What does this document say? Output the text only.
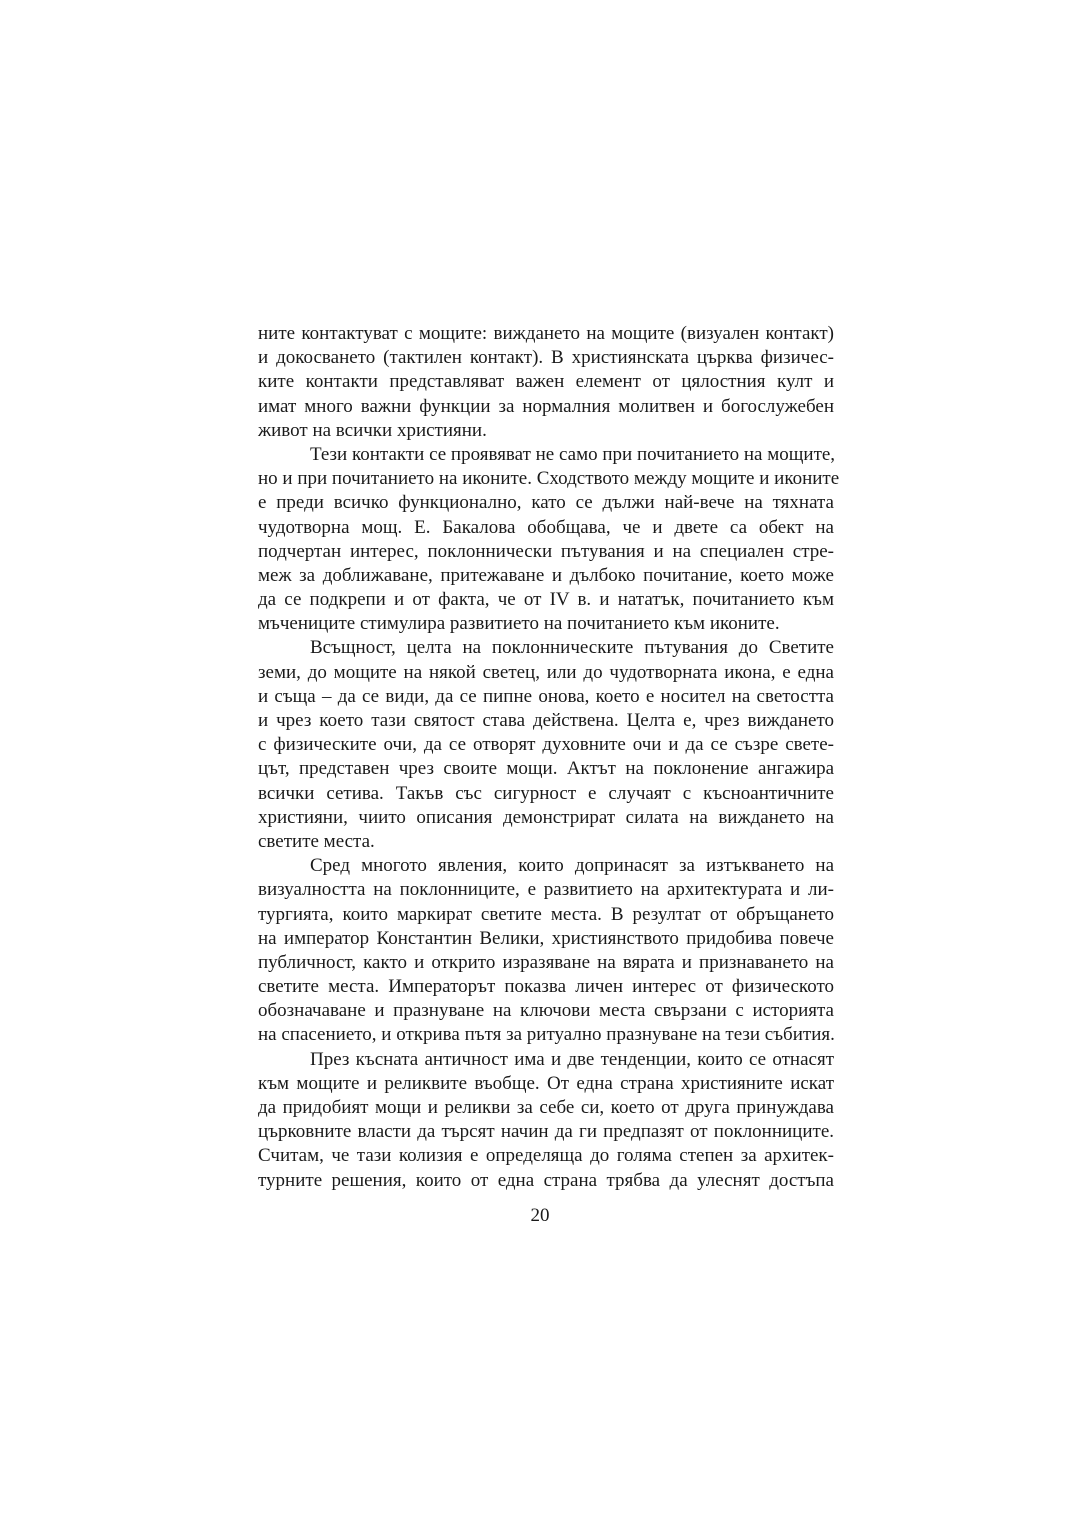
ните контактуват с мощите: виждането на мощите (визуален контакт)
и докосването (тактилен контакт). В християнската църква физичес-
ките контакти представляват важен елемент от цялостния култ и
имат много важни функции за нормалния молитвен и богослужебен
живот на всички християни.
Тези контакти се проявяват не само при почитанието на мощите,
но и при почитанието на иконите. Сходството между мощите и иконите
е преди всичко функционално, като се дължи най-вече на тяхната
чудотворна мощ. Е. Бакалова обобщава, че и двете са обект на
подчертан интерес, поклоннически пътувания и на специален стре-
меж за доближаване, притежаване и дълбоко почитание, което може
да се подкрепи и от факта, че от IV в. и нататък, почитанието към
мъчениците стимулира развитието на почитанието към иконите.
Всъщност, целта на поклонническите пътувания до Светите
земи, до мощите на някой светец, или до чудотворната икона, е една
и съща – да се види, да се пипне онова, което е носител на светостта
и чрез което тази святост става действена. Целта е, чрез виждането
с физическите очи, да се отворят духовните очи и да се съзре свете-
цът, представен чрез своите мощи. Актът на поклонение ангажира
всички сетива. Такъв със сигурност е случаят с късноантичните
християни, чиито описания демонстрират силата на виждането на
светите места.
Сред многото явления, които допринасят за изтъкването на
визуалността на поклонниците, е развитието на архитектурата и ли-
тургията, които маркират светите места. В резултат от обръщането
на император Константин Велики, християнството придобива повече
публичност, както и открито изразяване на вярата и признаването на
светите места. Императорът показва личен интерес от физическото
обозначаване и празнуване на ключови места свързани с историята
на спасението, и открива пътя за ритуално празнуване на тези събития.
През късната античност има и две тенденции, които се отнасят
към мощите и реликвите въобще. От една страна християните искат
да придобият мощи и реликви за себе си, което от друга принуждава
църковните власти да търсят начин да ги предпазят от поклонниците.
Считам, че тази колизия е определяща до голяма степен за архитек-
турните решения, които от една страна трябва да улеснят достъпа
20
